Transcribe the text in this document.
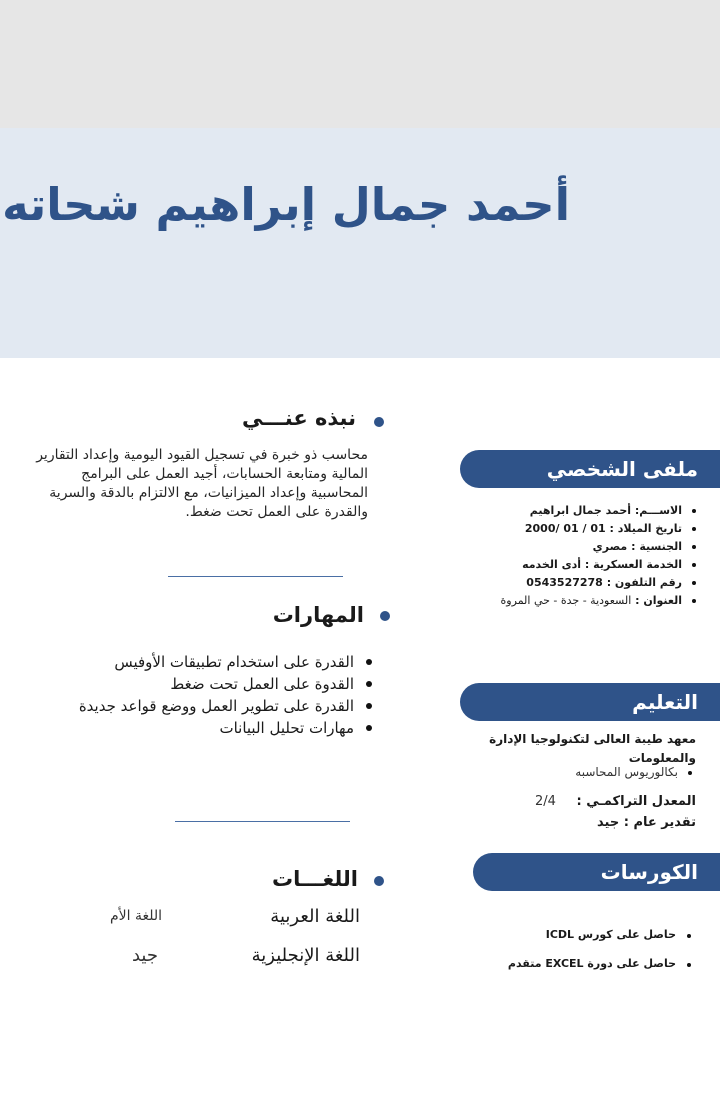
أحمد جمال إبراهيم شحاته
نبذه عنـــي

محاسب ذو خبرة في تسجيل القيود اليومية وإعداد التقارير المالية ومتابعة الحسابات، أجيد العمل على البرامج المحاسبية وإعداد الميزانيات، مع الالتزام بالدقة والسرية والقدرة على العمل تحت ضغط.

المهارات
القدرة على استخدام تطبيقات الأوفيس
القدوة على العمل تحت ضغط
القدرة على تطوير العمل ووضع قواعد جديدة
مهارات تحليل البيانات
اللغـــات
اللغة العربية
اللغة الأم
اللغة الإنجليزية
جيد
ملفى الشخصي
الاســـم: أحمد جمال ابراهيم
تاريخ الميلاد : 01 / 01 /2000
الجنسية : مصري
الخدمة العسكرية : أدى الخدمه
رقم التلفون : 0543527278
العنوان : السعودية - جدة - حي المروة
التعليم
معهد طيبة العالى لتكنولوجيا الإدارة والمعلومات
بكالوريوس المحاسبه
المعدل التراكمـي :
2/4
تقدير عام : جيد
الكورسات
حاصل على كورس ICDL
حاصل على دورة EXCEL متقدم
